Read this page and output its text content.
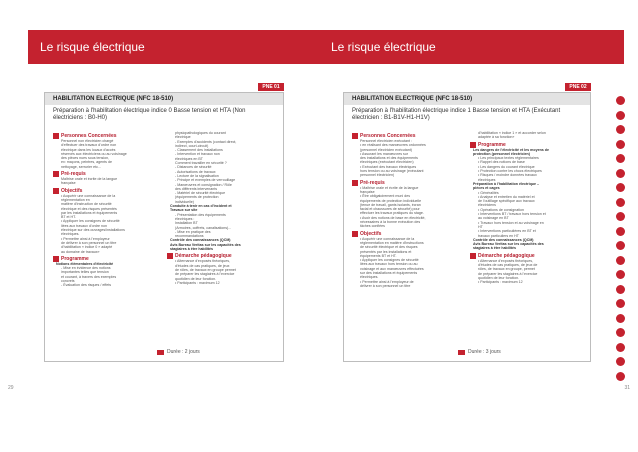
Le risque électrique
PNE 01
HABILITATION ELECTRIQUE (NFC 18-510)
Préparation à l'habilitation électrique indice 0 Basse tension et HTA (Non électriciens : B0-H0)
Personnes Concernées
Personnel non électricien chargé
d'effectuer des travaux d'ordre non
électrique dans les locaux d'accès
réservés aux électriciens ou au voisinage
des pièces nues sous tension,
ex: maçons, peintres, agents de
nettoyage, serrurier etc...
Pré-requis
Maîtrise orale et écrite de la langue
française
Objectifs
• Acquérir une connaissance de la
réglementation en
matière d'instruction de sécurité
électrique et des risques présentés
par les installations et équipements
BT et HT.
• Appliquer les consignes de sécurité
liées aux travaux d'ordre non
électrique sur des ouvrages/installations
électriques.
• Permettre ainsi à l'employeur
de délivrer à son personnel un titre
d'habilitation « indice 0 » adapté
au domaine de travaux»
Programme
Notions élémentaires d'électricité
- Mise en évidence des notions
importantes telles que tension
et courant, à travers des exemples
concrets
- Évaluation des risques / effets
physiopathologiques du courant
électrique
- Exemples d'accidents (contact direct,
indirect, court-circuit)
- Classement des installations
- Intervention et travaux non
électriques en BT
Comment travailler en sécurité ?
- Distances de sécurité
- Autorisations de travaux
- Lecture de la signalisation
- Principe et exemples de verrouillage
- Manœuvres et consignation / Rôle
des différents intervenants
- Matériel de sécurité électrique
(équipements de protection
individuelle)
Conduite à tenir en cas d'incident et
Travaux sur site
- Présentation des équipements
électriques :
Installation BT
(Armoires, coffrets, canalisations)...
- Mise en pratique des
recommandations
Contrôle des connaissances (QCM)
Avis Bureau Veritas sur les capacités des
stagiaires à être habilités
Démarche pédagogique
• Alternance d'exposés théoriques,
d'études de cas pratiques, de jeux
de rôles, de travaux en groupe permet
de préparer les stagiaires à l'exercice
quotidien de leur fonction.
• Participants : maximum 12
Durée : 2 jours
29
Le risque électrique
PNE 02
HABILITATION ELECTRIQUE (NFC 18-510)
Préparation à l'habilitation électrique indice 1 Basse tension et HTA (Exécutant électricien : B1-B1V-H1-H1V)
Personnes Concernées
Personnel électricien exécutant :
• en réalisant des manœuvres ordonnées
(personnel électricien exécutant)
• Assurant les manœuvres sur
des installations et des équipements
électriques (exécutant électricien)
• Exécutant des travaux électriques
hors tension ou au voisinage (exécutant
personnel électricien)
Pré-requis
• Maîtrise orale et écrite de la langue
française
• Être obligatoirement muni des
équipements de protection individuelle
(tenue de travail, gants isolants, écran
facial et chaussures de sécurité) pour
effectuer les travaux pratiques du stage.
• Avoir des notions de base en électricité,
nécessaires à la bonne exécution des
tâches confiées
Objectifs
• Acquérir une connaissance de la
réglementation en matière d'instructions
de sécurité électrique et des risques
présentés par les installations et
équipements BT et HT.
• Appliquer les consignes de sécurité
liées aux travaux hors tension ou au
voisinage et aux manœuvres effectuées
sur des installations et équipements
électriques.
• Permettre ainsi à l'employeur de
délivrer à son personnel un titre
d'habilitation « indice 1 » et accorder selon
adaptée à sa fonction»
Programme
Les dangers de l'électricité et les moyens de
protection (personnel électricien)
• Les principaux textes réglementaires
• Rappel des notions de base
• Les dangers du courant électrique
• Protection contre les chocs électriques
• Risques / moindre données travaux
électriques
Préparation à l'habilitation électrique –
pièces et cages
• Généralités
• Analyse et entretien du matériel et
de l'outillage spécifique aux travaux
électriciens
• Opérations de consignation
• Interventions BT / travaux hors tension et
au voisinage en BT
• Travaux hors tension et au voisinage en
HT
• Interventions particulières en BT et
travaux particuliers en HT
Contrôle des connaissances (QCM)
Avis Bureau Veritas sur les capacités des
stagiaires à être habilités
Démarche pédagogique
• Alternance d'exposés théoriques,
d'études de cas pratiques, de jeux de
rôles, de travaux en groupe, permet
de préparer les stagiaires à l'exercice
quotidien de leur fonction.
• Participants : maximum 12
Durée : 3 jours
31
